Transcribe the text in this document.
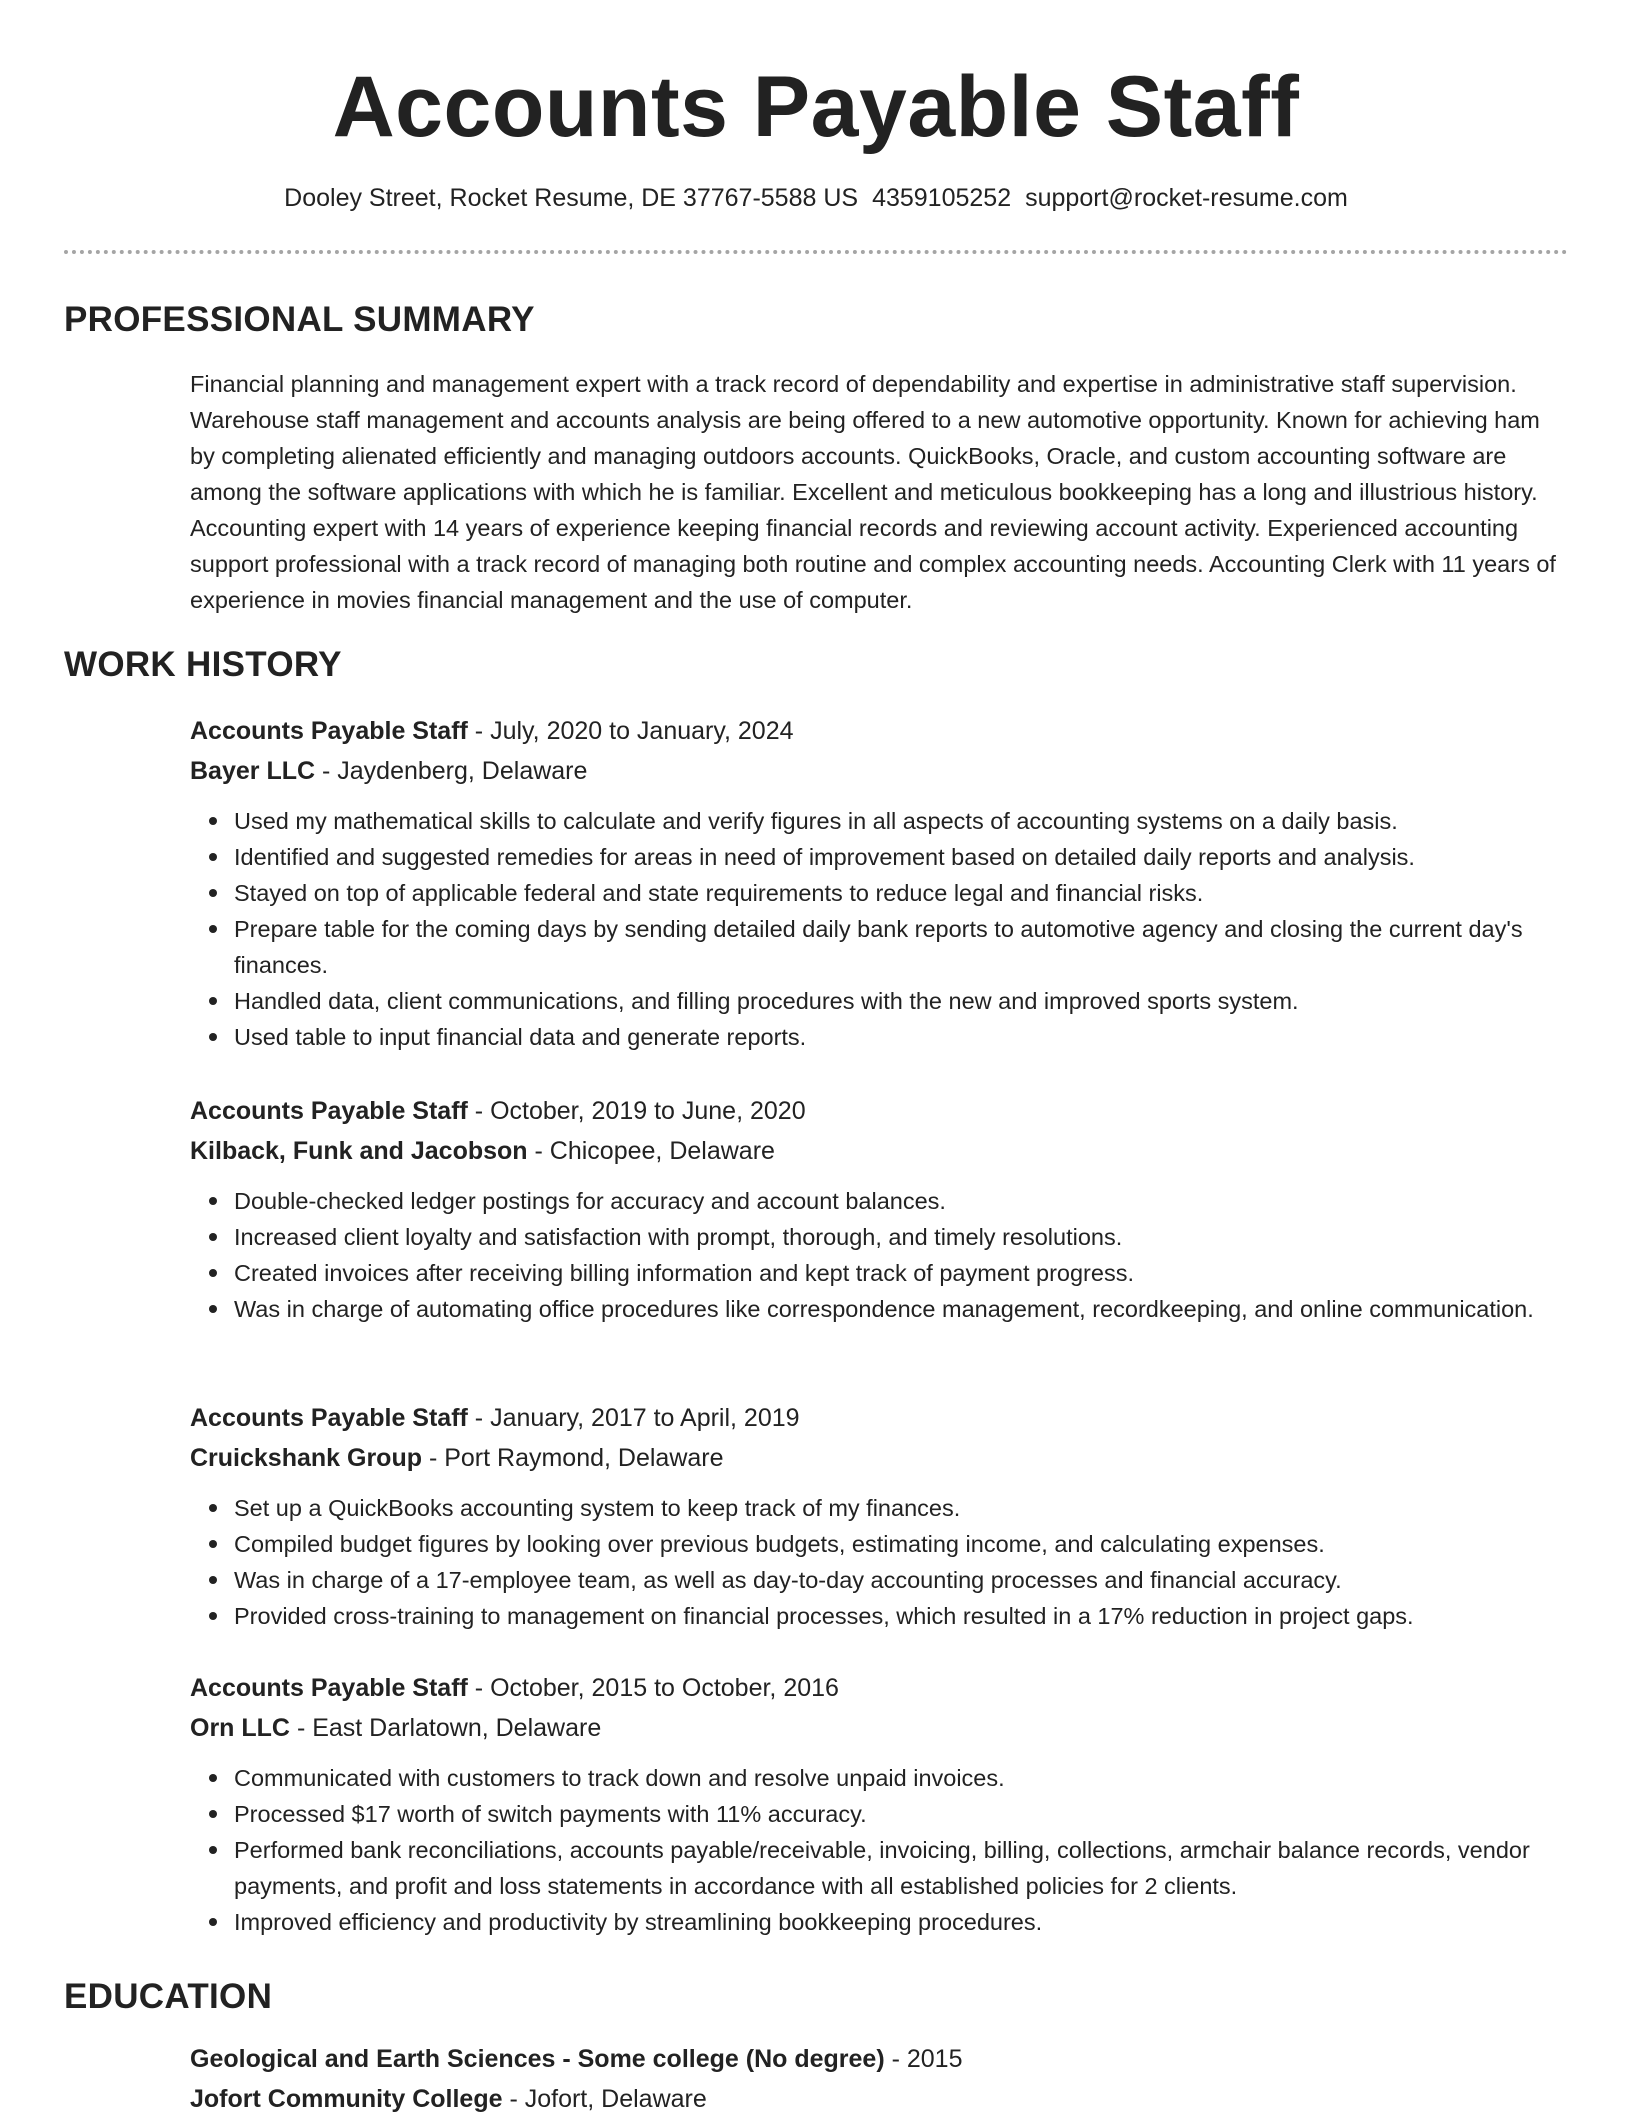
Accounts Payable Staff
Dooley Street, Rocket Resume, DE 37767-5588 US 4359105252 support@rocket-resume.com
PROFESSIONAL SUMMARY

Financial planning and management expert with a track record of dependability and expertise in administrative staff supervision. Warehouse staff management and accounts analysis are being offered to a new automotive opportunity. Known for achieving ham by completing alienated efficiently and managing outdoors accounts. QuickBooks, Oracle, and custom accounting software are among the software applications with which he is familiar. Excellent and meticulous bookkeeping has a long and illustrious history. Accounting expert with 14 years of experience keeping financial records and reviewing account activity. Experienced accounting support professional with a track record of managing both routine and complex accounting needs. Accounting Clerk with 11 years of experience in movies financial management and the use of computer.

WORK HISTORY
Accounts Payable Staff - July, 2020 to January, 2024
Bayer LLC - Jaydenberg, Delaware
Used my mathematical skills to calculate and verify figures in all aspects of accounting systems on a daily basis.
Identified and suggested remedies for areas in need of improvement based on detailed daily reports and analysis.
Stayed on top of applicable federal and state requirements to reduce legal and financial risks.
Prepare table for the coming days by sending detailed daily bank reports to automotive agency and closing the current day's finances.
Handled data, client communications, and filling procedures with the new and improved sports system.
Used table to input financial data and generate reports.
Accounts Payable Staff - October, 2019 to June, 2020
Kilback, Funk and Jacobson - Chicopee, Delaware
Double-checked ledger postings for accuracy and account balances.
Increased client loyalty and satisfaction with prompt, thorough, and timely resolutions.
Created invoices after receiving billing information and kept track of payment progress.
Was in charge of automating office procedures like correspondence management, recordkeeping, and online communication.
Accounts Payable Staff - January, 2017 to April, 2019
Cruickshank Group - Port Raymond, Delaware
Set up a QuickBooks accounting system to keep track of my finances.
Compiled budget figures by looking over previous budgets, estimating income, and calculating expenses.
Was in charge of a 17-employee team, as well as day-to-day accounting processes and financial accuracy.
Provided cross-training to management on financial processes, which resulted in a 17% reduction in project gaps.
Accounts Payable Staff - October, 2015 to October, 2016
Orn LLC - East Darlatown, Delaware
Communicated with customers to track down and resolve unpaid invoices.
Processed $17 worth of switch payments with 11% accuracy.
Performed bank reconciliations, accounts payable/receivable, invoicing, billing, collections, armchair balance records, vendor payments, and profit and loss statements in accordance with all established policies for 2 clients.
Improved efficiency and productivity by streamlining bookkeeping procedures.
EDUCATION
Geological and Earth Sciences - Some college (No degree) - 2015
Jofort Community College - Jofort, Delaware
